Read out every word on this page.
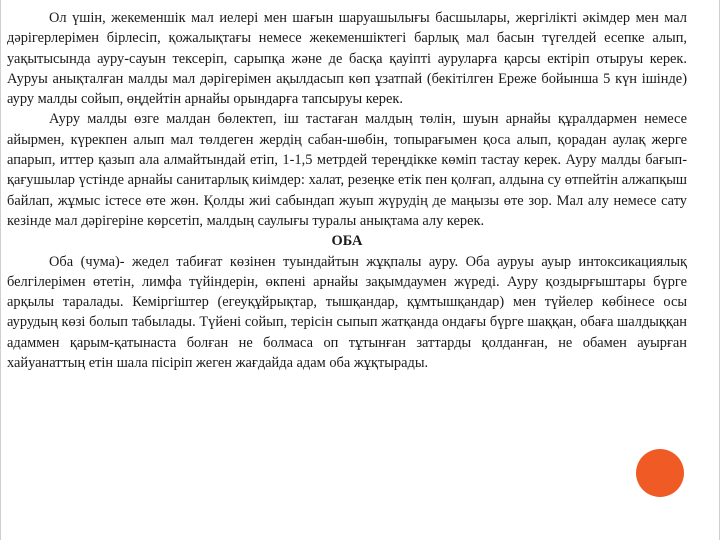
Ол үшін, жекеменшік мал иелері мен шағын шаруашылығы басшылары, жергілікті әкімдер мен мал дәрігерлерімен бірлесіп, қожалықтағы немесе жекеменшіктегі барлық мал басын түгелдей есепке алып, уақытысында ауру-сауын тексеріп, сарыпқа және де басқа қауіпті ауруларға қарсы ектіріп отыруы керек. Ауруы анықталған малды мал дәрігерімен ақылдасып көп ұзатпай (бекітілген Ереже бойынша 5 күн ішінде) ауру малды сойып, өңдейтін арнайы орындарға тапсыруы керек.

Ауру малды өзге малдан бөлектеп, іш тастаған малдың төлін, шуын арнайы құралдармен немесе айырмен, күрекпен алып мал төлдеген жердің сабан-шөбін, топырағымен қоса алып, қорадан аулақ жерге апарып, иттер қазып ала алмайтындай етіп, 1-1,5 метрдей тереңдікке көміп тастау керек. Ауру малды бағып-қағушылар үстінде арнайы санитарлық киімдер: халат, резеңке етік пен қолғап, алдына су өтпейтін алжапқыш байлап, жұмыс істесе өте жөн. Қолды жиі сабындап жуып жүрудің де маңызы өте зор. Мал алу немесе сату кезінде мал дәрігеріне көрсетіп, малдың саулығы туралы анықтама алу керек.

ОБА

Оба (чума)- жедел табиғат көзінен туындайтын жұқпалы ауру. Оба ауруы ауыр интоксикациялық белгілерімен өтетін, лимфа түйіндерін, өкпені арнайы зақымдаумен жүреді. Ауру қоздырғыштары бүрге арқылы таралады. Кеміргіштер (егеуқұйрықтар, тышқандар, құмтышқандар) мен түйелер көбінесе осы аурудың көзі болып табылады. Түйені сойып, терісін сыпып жатқанда ондағы бүрге шаққан, обаға шалдыққан адаммен қарым-қатынаста болған не болмаса оп тұтынған заттарды қолданған, не обамен ауырған хайуанаттың етін шала пісіріп жеген жағдайда адам оба жұқтырады.
